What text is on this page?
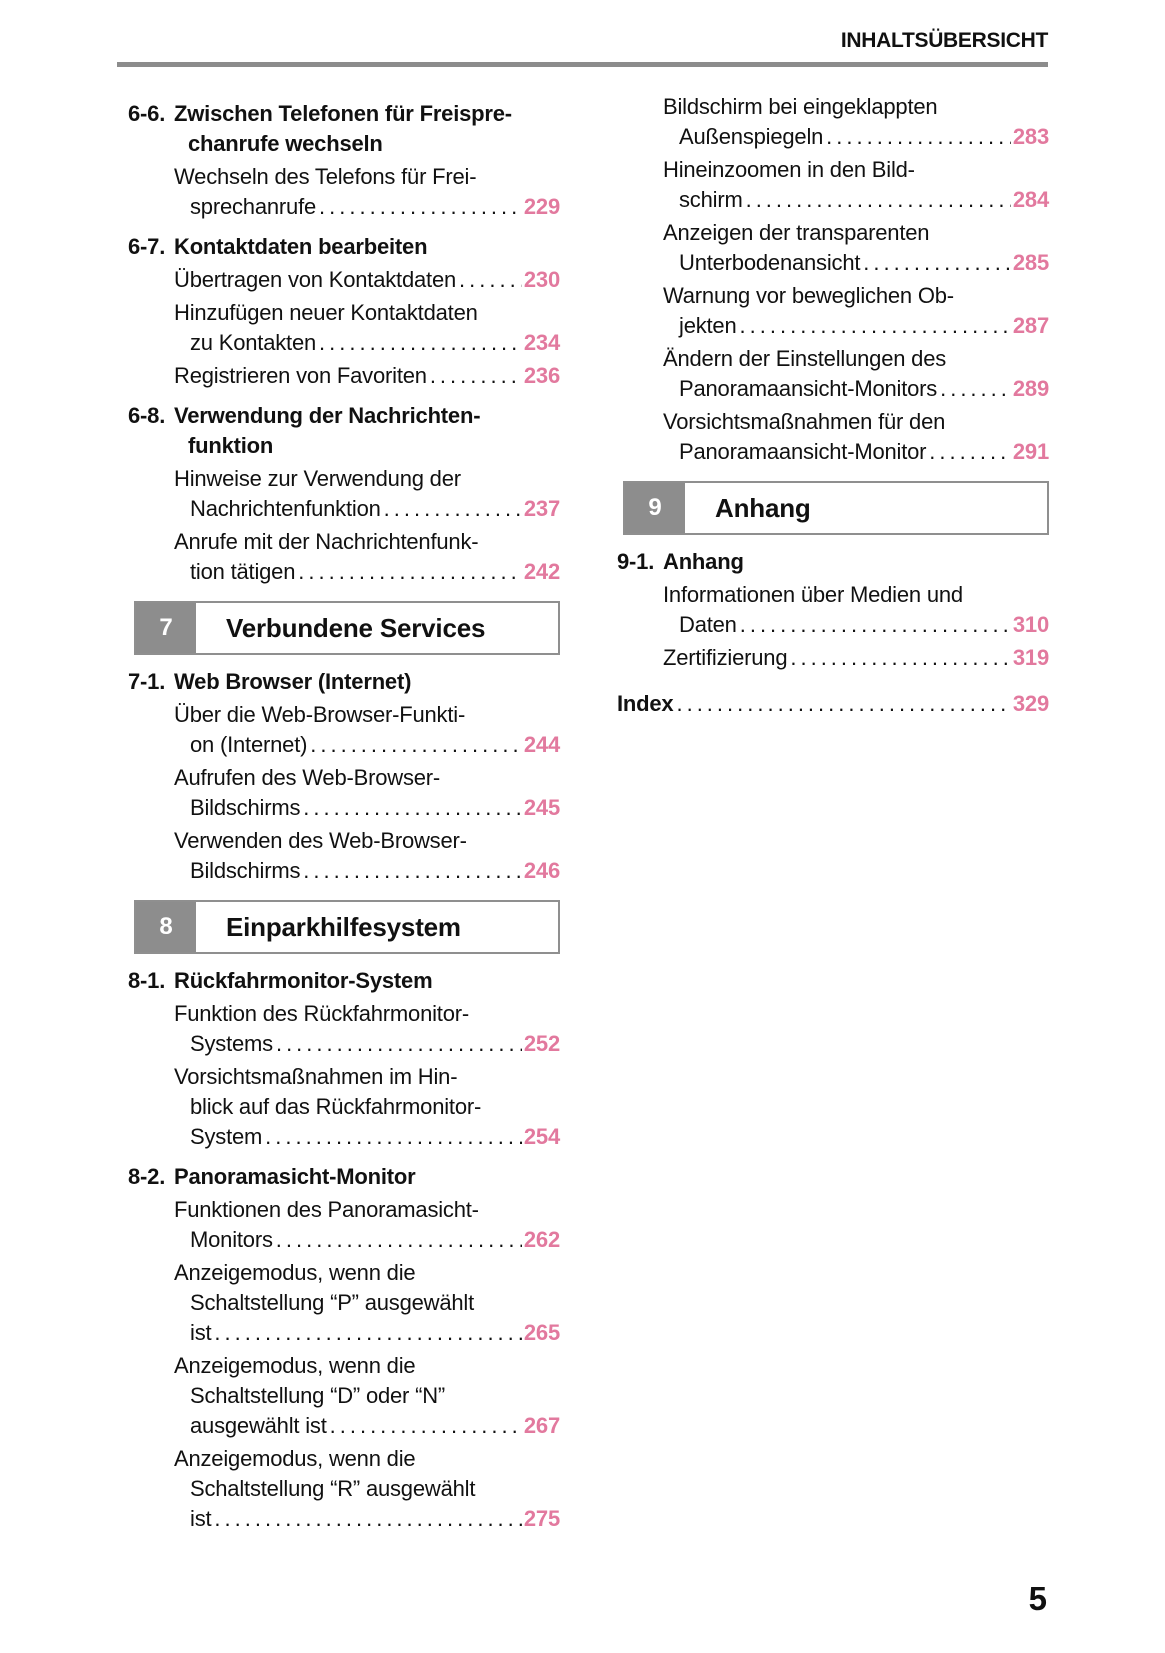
INHALTSÜBERSICHT
6-6. Zwischen Telefonen für Freispre-
chanrufe wechseln
Wechseln des Telefons für Frei-
sprechanrufe .....	229
6-7. Kontaktdaten bearbeiten
Übertragen von Kontaktdaten .....	230
Hinzufügen neuer Kontaktdaten
zu Kontakten .....	234
Registrieren von Favoriten .....	236
6-8. Verwendung der Nachrichten-
funktion
Hinweise zur Verwendung der
Nachrichtenfunktion .....	237
Anrufe mit der Nachrichtenfunk-
tion tätigen .....	242
7	Verbundene Services
7-1. Web Browser (Internet)
Über die Web-Browser-Funkti-
on (Internet) .....	244
Aufrufen des Web-Browser-
Bildschirms .....	245
Verwenden des Web-Browser-
Bildschirms .....	246
8	Einparkhilfesystem
8-1. Rückfahrmonitor-System
Funktion des Rückfahrmonitor-
Systems .....	252
Vorsichtsmaßnahmen im Hin-
blick auf das Rückfahrmonitor-
System .....	254
8-2. Panoramasicht-Monitor
Funktionen des Panoramasicht-
Monitors .....	262
Anzeigemodus, wenn die
Schaltstellung “P” ausgewählt
ist .....	265
Anzeigemodus, wenn die
Schaltstellung “D” oder “N”
ausgewählt ist .....	267
Anzeigemodus, wenn die
Schaltstellung “R” ausgewählt
ist .....	275
Bildschirm bei eingeklappten
Außenspiegeln .....	283
Hineinzoomen in den Bild-
schirm .....	284
Anzeigen der transparenten
Unterbodenansicht .....	285
Warnung vor beweglichen Ob-
jekten .....	287
Ändern der Einstellungen des
Panoramaansicht-Monitors .....	289
Vorsichtsmaßnahmen für den
Panoramaansicht-Monitor .....	291
9	Anhang
9-1. Anhang
Informationen über Medien und
Daten .....	310
Zertifizierung .....	319
Index .....	329
5
